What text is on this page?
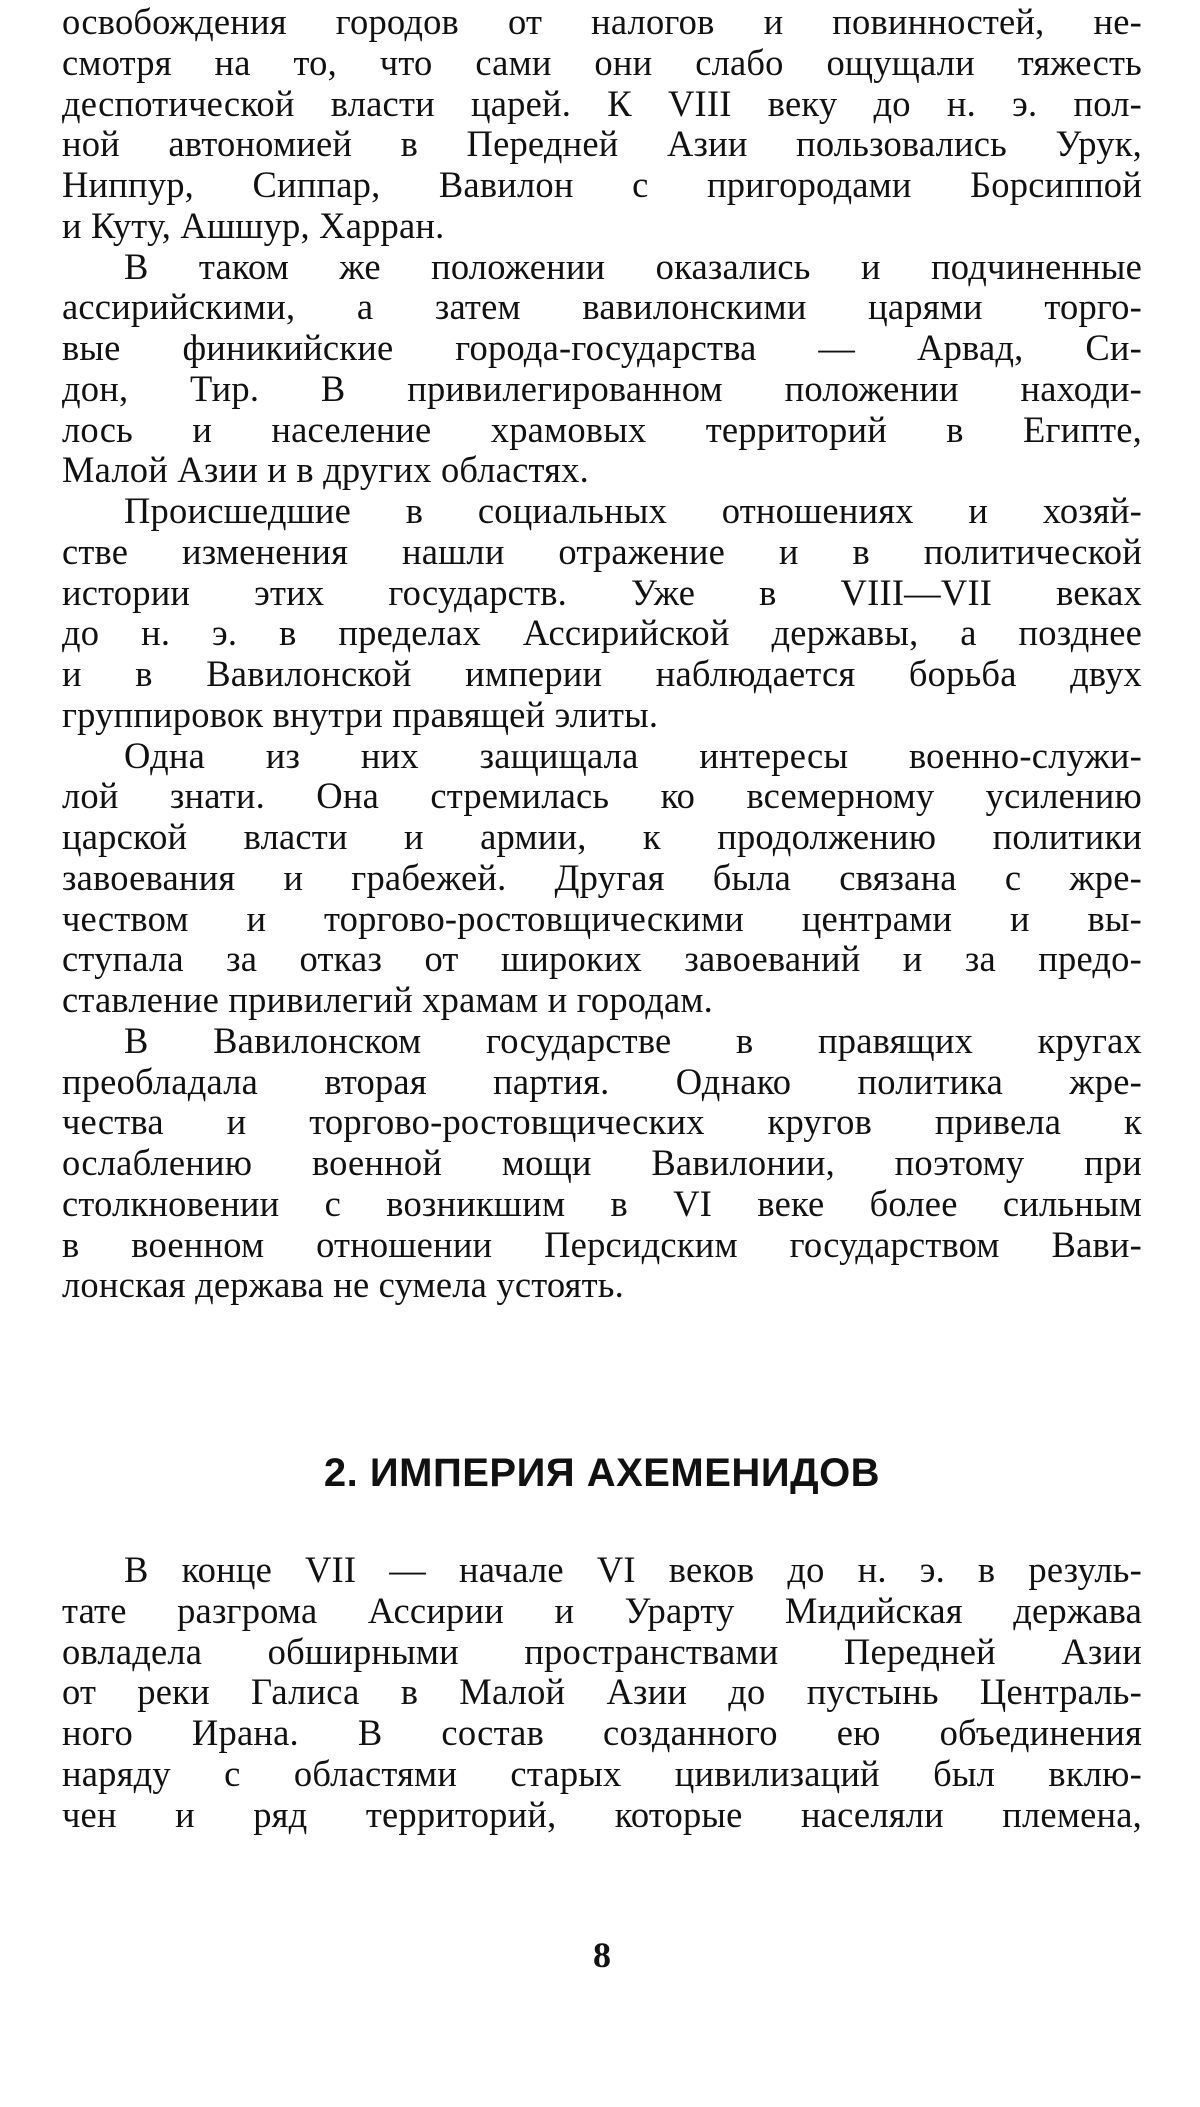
освобождения городов от налогов и повинностей, не-
смотря на то, что сами они слабо ощущали тяжесть
деспотической власти царей. К VIII веку до н. э. пол-
ной автономией в Передней Азии пользовались Урук,
Ниппур, Сиппар, Вавилон с пригородами Борсиппой
и Куту, Ашшур, Харран.
В таком же положении оказались и подчиненные
ассирийскими, а затем вавилонскими царями торго-
вые финикийские города-государства — Арвад, Си-
дон, Тир. В привилегированном положении находи-
лось и население храмовых территорий в Египте,
Малой Азии и в других областях.
Происшедшие в социальных отношениях и хозяй-
стве изменения нашли отражение и в политической
истории этих государств. Уже в VIII—VII веках
до н. э. в пределах Ассирийской державы, а позднее
и в Вавилонской империи наблюдается борьба двух
группировок внутри правящей элиты.
Одна из них защищала интересы военно-служи-
лой знати. Она стремилась ко всемерному усилению
царской власти и армии, к продолжению политики
завоевания и грабежей. Другая была связана с жре-
чеством и торгово-ростовщическими центрами и вы-
ступала за отказ от широких завоеваний и за предо-
ставление привилегий храмам и городам.
В Вавилонском государстве в правящих кругах
преобладала вторая партия. Однако политика жре-
чества и торгово-ростовщических кругов привела к
ослаблению военной мощи Вавилонии, поэтому при
столкновении с возникшим в VI веке более сильным
в военном отношении Персидским государством Вави-
лонская держава не сумела устоять.
2. ИМПЕРИЯ АХЕМЕНИДОВ
В конце VII — начале VI веков до н. э. в резуль-
тате разгрома Ассирии и Урарту Мидийская держава
овладела обширными пространствами Передней Азии
от реки Галиса в Малой Азии до пустынь Централь-
ного Ирана. В состав созданного ею объединения
наряду с областями старых цивилизаций был вклю-
чен и ряд территорий, которые населяли племена,
8
